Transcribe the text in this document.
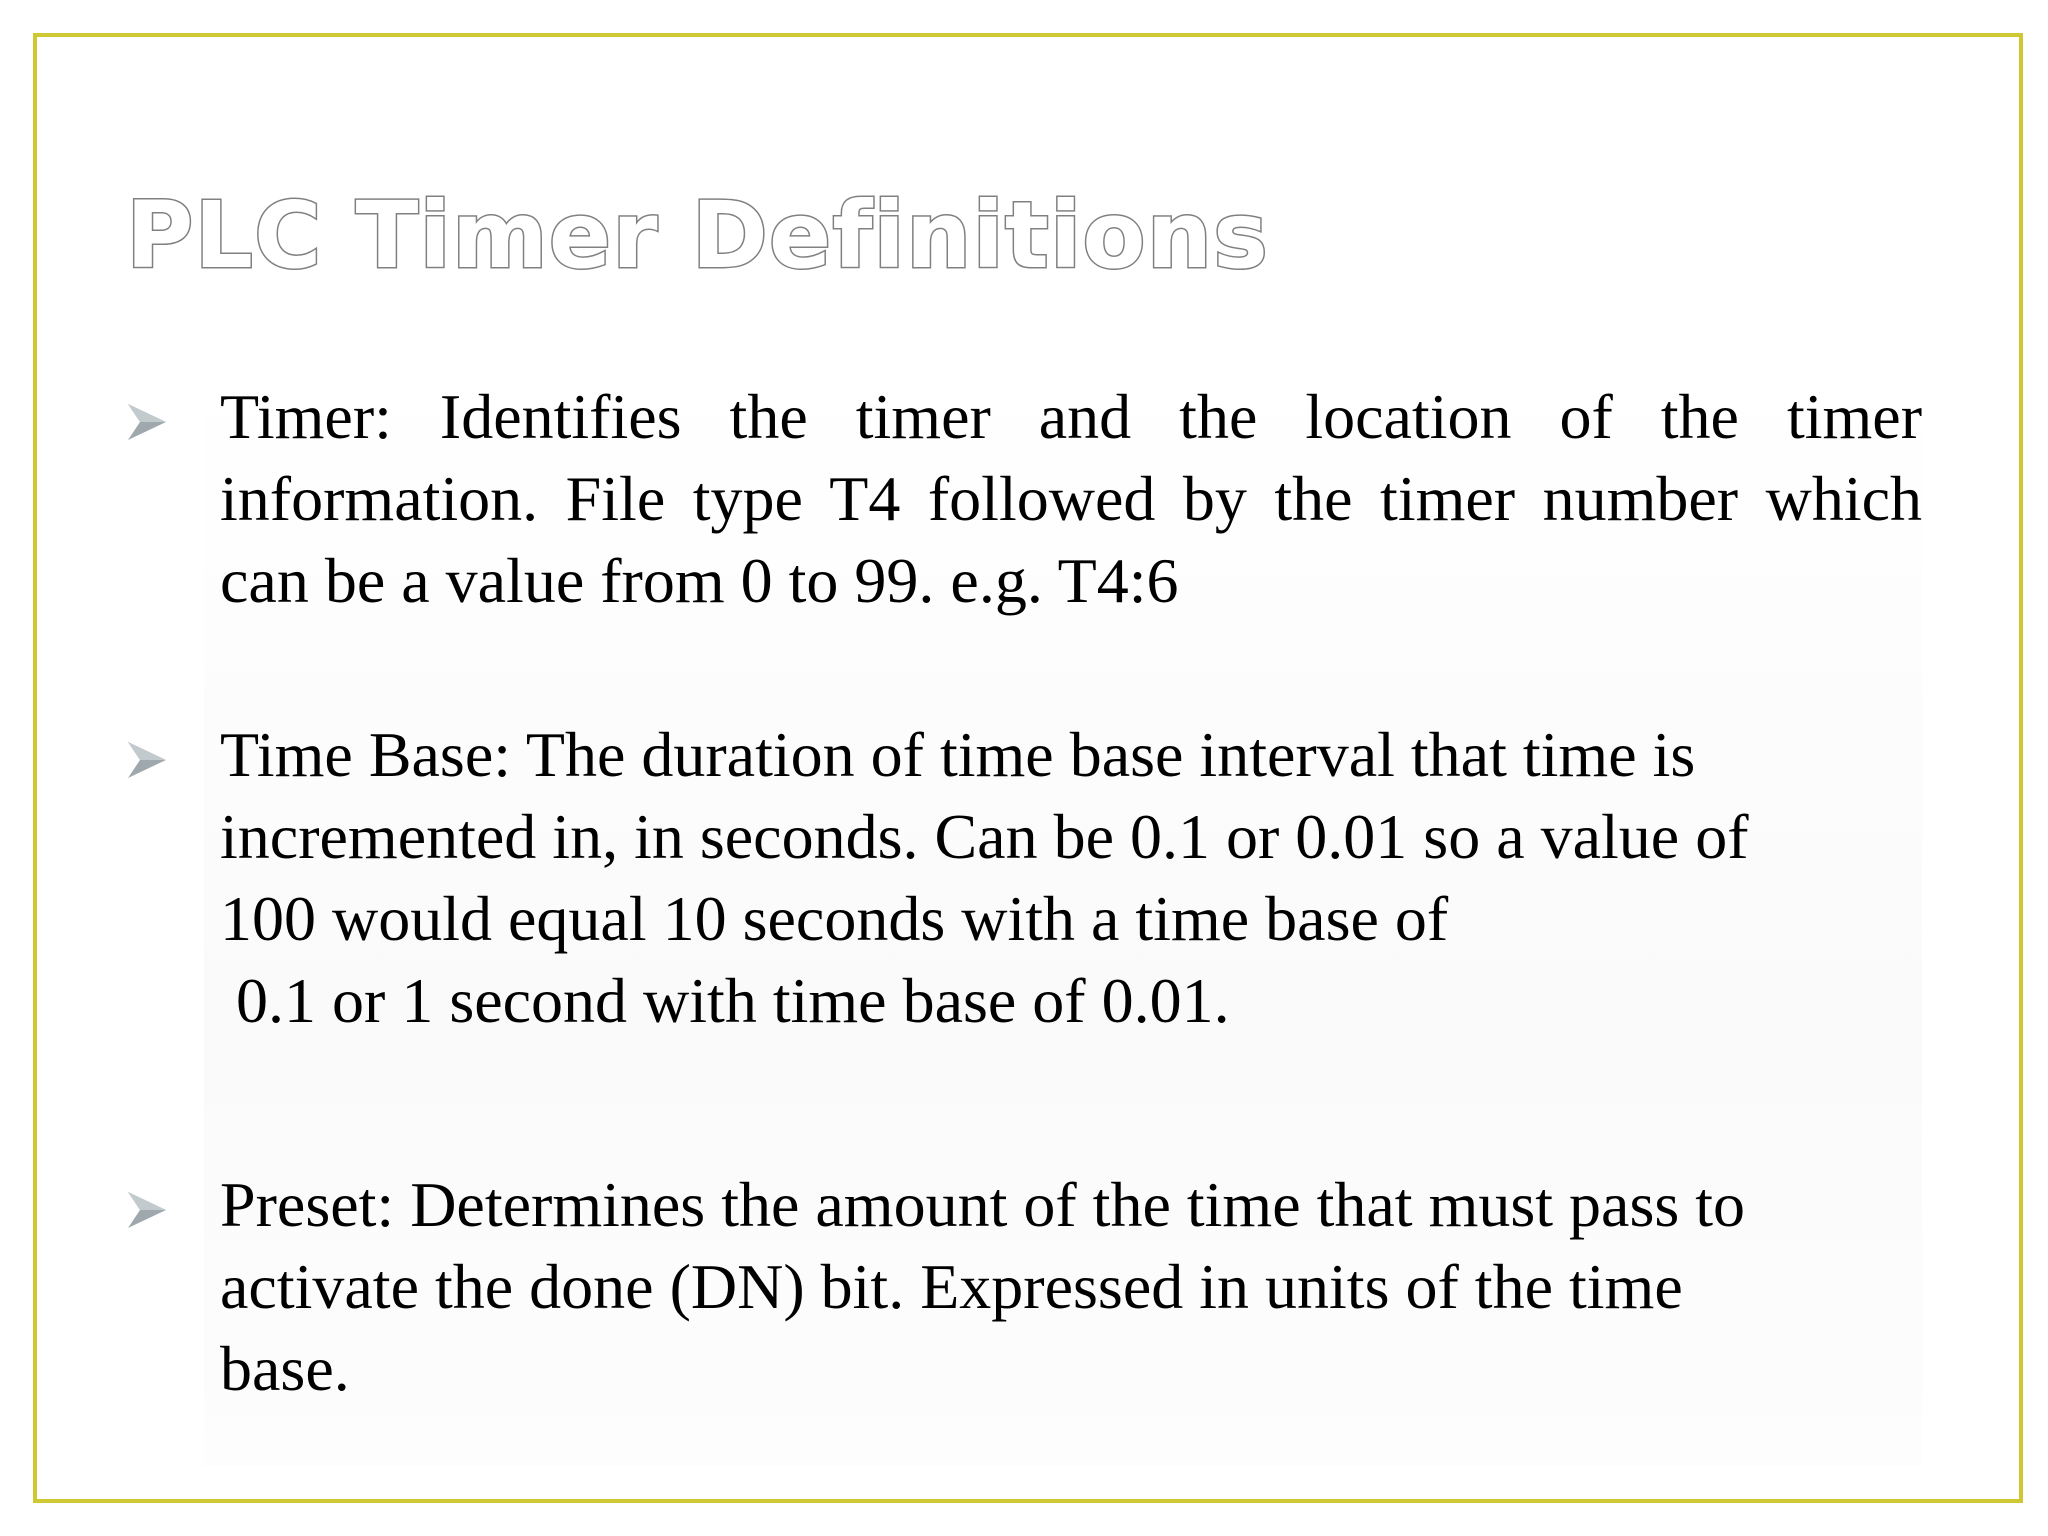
PLC Timer Definitions
Timer: Identifies the timer and the location of the timer information. File type T4 followed by the timer number which can be a value from 0 to 99. e.g. T4:6
Time Base: The duration of time base interval that time is
incremented in, in seconds. Can be 0.1 or 0.01 so a value of
100 would equal 10 seconds with a time base of
0.1 or 1 second with time base of 0.01.
Preset: Determines the amount of the time that must pass to
activate the done (DN) bit. Expressed in units of the time
base.
